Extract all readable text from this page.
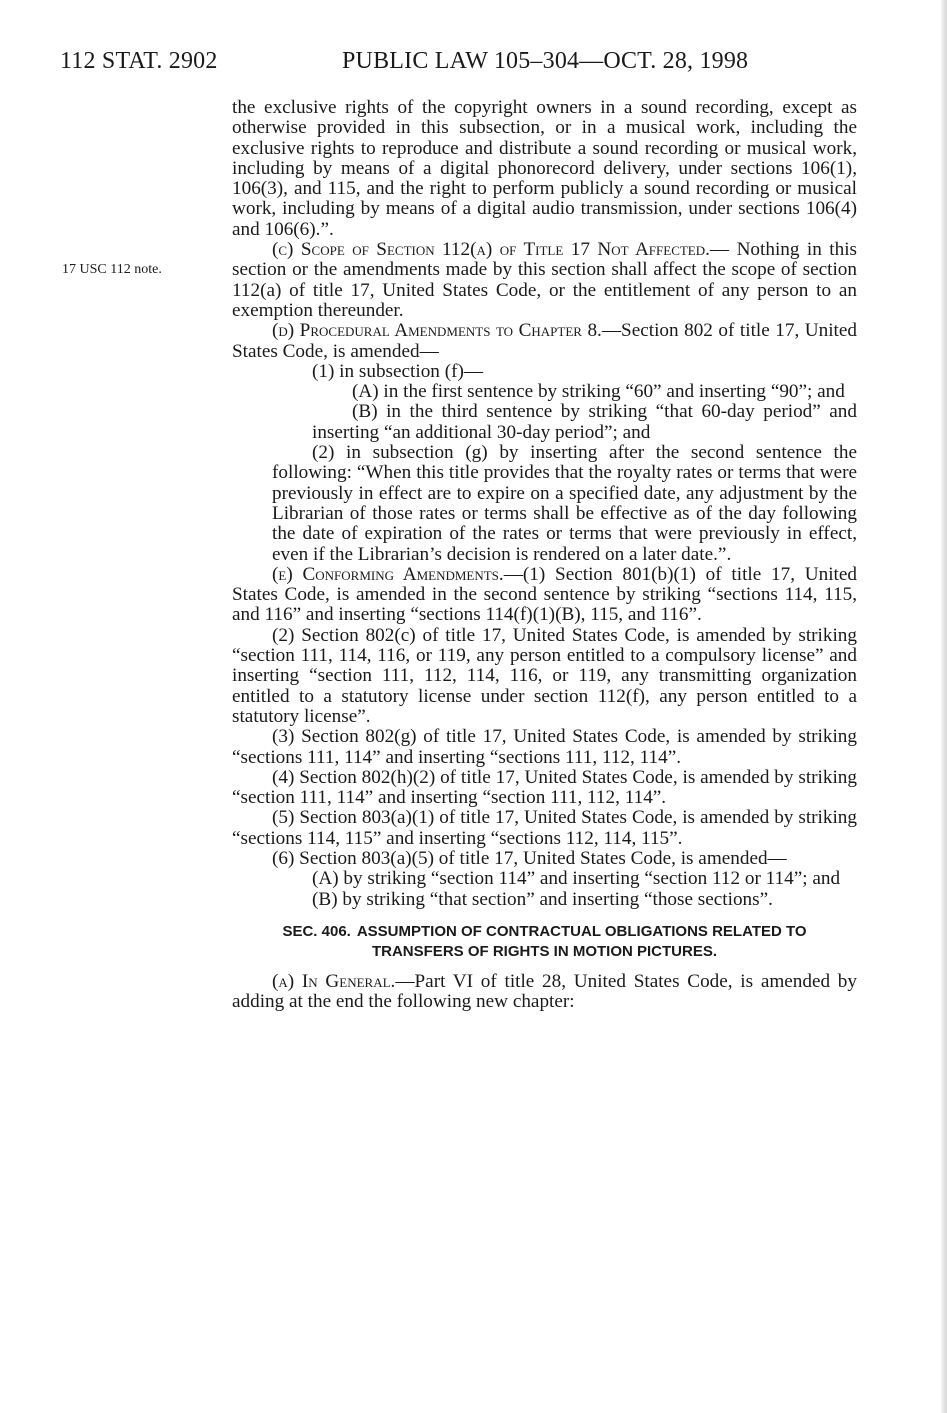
112 STAT. 2902	PUBLIC LAW 105–304—OCT. 28, 1998
17 USC 112 note.

the exclusive rights of the copyright owners in a sound recording, except as otherwise provided in this subsection, or in a musical work, including the exclusive rights to reproduce and distribute a sound recording or musical work, including by means of a digital phonorecord delivery, under sections 106(1), 106(3), and 115, and the right to perform publicly a sound recording or musical work, including by means of a digital audio transmission, under sections 106(4) and 106(6).”.

(c) Scope of Section 112(a) of Title 17 Not Affected.— Nothing in this section or the amendments made by this section shall affect the scope of section 112(a) of title 17, United States Code, or the entitlement of any person to an exemption thereunder.

(d) Procedural Amendments to Chapter 8.—Section 802 of title 17, United States Code, is amended—

(1) in subsection (f)—

(A) in the first sentence by striking “60” and inserting “90”; and

(B) in the third sentence by striking “that 60-day period” and inserting “an additional 30-day period”; and

(2) in subsection (g) by inserting after the second sentence the following: “When this title provides that the royalty rates or terms that were previously in effect are to expire on a specified date, any adjustment by the Librarian of those rates or terms shall be effective as of the day following the date of expiration of the rates or terms that were previously in effect, even if the Librarian’s decision is rendered on a later date.”.

(e) Conforming Amendments.—(1) Section 801(b)(1) of title 17, United States Code, is amended in the second sentence by striking “sections 114, 115, and 116” and inserting “sections 114(f)(1)(B), 115, and 116”.

(2) Section 802(c) of title 17, United States Code, is amended by striking “section 111, 114, 116, or 119, any person entitled to a compulsory license” and inserting “section 111, 112, 114, 116, or 119, any transmitting organization entitled to a statutory license under section 112(f), any person entitled to a statutory license”.

(3) Section 802(g) of title 17, United States Code, is amended by striking “sections 111, 114” and inserting “sections 111, 112, 114”.

(4) Section 802(h)(2) of title 17, United States Code, is amended by striking “section 111, 114” and inserting “section 111, 112, 114”.

(5) Section 803(a)(1) of title 17, United States Code, is amended by striking “sections 114, 115” and inserting “sections 112, 114, 115”.

(6) Section 803(a)(5) of title 17, United States Code, is amended—

(A) by striking “section 114” and inserting “section 112 or 114”; and

(B) by striking “that section” and inserting “those sections”.

SEC. 406. ASSUMPTION OF CONTRACTUAL OBLIGATIONS RELATED TO
TRANSFERS OF RIGHTS IN MOTION PICTURES.

(a) In General.—Part VI of title 28, United States Code, is amended by adding at the end the following new chapter:
